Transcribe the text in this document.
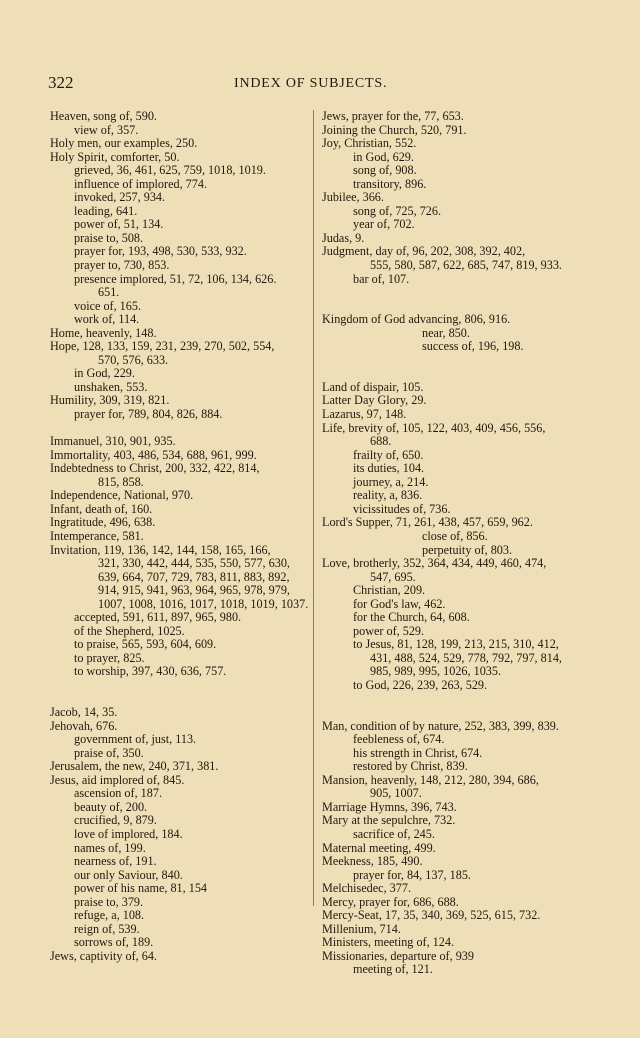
322	INDEX OF SUBJECTS.
Heaven, song of, 590.
view of, 357.
Holy men, our examples, 250.
Holy Spirit, comforter, 50.
grieved, 36, 461, 625, 759, 1018, 1019.
influence of implored, 774.
invoked, 257, 934.
leading, 641.
power of, 51, 134.
praise to, 508.
prayer for, 193, 498, 530, 533, 932.
prayer to, 730, 853.
presence implored, 51, 72, 106, 134, 626.
651.
voice of, 165.
work of, 114.
Home, heavenly, 148.
Hope, 128, 133, 159, 231, 239, 270, 502, 554,
570, 576, 633.
in God, 229.
unshaken, 553.
Humility, 309, 319, 821.
prayer for, 789, 804, 826, 884.
Immanuel, 310, 901, 935.
Immortality, 403, 486, 534, 688, 961, 999.
Indebtedness to Christ, 200, 332, 422, 814,
815, 858.
Independence, National, 970.
Infant, death of, 160.
Ingratitude, 496, 638.
Intemperance, 581.
Invitation, 119, 136, 142, 144, 158, 165, 166,
321, 330, 442, 444, 535, 550, 577, 630,
639, 664, 707, 729, 783, 811, 883, 892,
914, 915, 941, 963, 964, 965, 978, 979,
1007, 1008, 1016, 1017, 1018, 1019, 1037.
accepted, 591, 611, 897, 965, 980.
of the Shepherd, 1025.
to praise, 565, 593, 604, 609.
to prayer, 825.
to worship, 397, 430, 636, 757.
Jacob, 14, 35.
Jehovah, 676.
government of, just, 113.
praise of, 350.
Jerusalem, the new, 240, 371, 381.
Jesus, aid implored of, 845.
ascension of, 187.
beauty of, 200.
crucified, 9, 879.
love of implored, 184.
names of, 199.
nearness of, 191.
our only Saviour, 840.
power of his name, 81, 154
praise to, 379.
refuge, a, 108.
reign of, 539.
sorrows of, 189.
Jews, captivity of, 64.
Jews, prayer for the, 77, 653.
Joining the Church, 520, 791.
Joy, Christian, 552.
in God, 629.
song of, 908.
transitory, 896.
Jubilee, 366.
song of, 725, 726.
year of, 702.
Judas, 9.
Judgment, day of, 96, 202, 308, 392, 402,
555, 580, 587, 622, 685, 747, 819, 933.
bar of, 107.
Kingdom of God advancing, 806, 916.
near, 850.
success of, 196, 198.
Land of dispair, 105.
Latter Day Glory, 29.
Lazarus, 97, 148.
Life, brevity of, 105, 122, 403, 409, 456, 556,
688.
frailty of, 650.
its duties, 104.
journey, a, 214.
reality, a, 836.
vicissitudes of, 736.
Lord's Supper, 71, 261, 438, 457, 659, 962.
close of, 856.
perpetuity of, 803.
Love, brotherly, 352, 364, 434, 449, 460, 474,
547, 695.
Christian, 209.
for God's law, 462.
for the Church, 64, 608.
power of, 529.
to Jesus, 81, 128, 199, 213, 215, 310, 412,
431, 488, 524, 529, 778, 792, 797, 814,
985, 989, 995, 1026, 1035.
to God, 226, 239, 263, 529.
Man, condition of by nature, 252, 383, 399, 839.
feebleness of, 674.
his strength in Christ, 674.
restored by Christ, 839.
Mansion, heavenly, 148, 212, 280, 394, 686,
905, 1007.
Marriage Hymns, 396, 743.
Mary at the sepulchre, 732.
sacrifice of, 245.
Maternal meeting, 499.
Meekness, 185, 490.
prayer for, 84, 137, 185.
Melchisedec, 377.
Mercy, prayer for, 686, 688.
Mercy-Seat, 17, 35, 340, 369, 525, 615, 732.
Millenium, 714.
Ministers, meeting of, 124.
Missionaries, departure of, 939
meeting of, 121.
